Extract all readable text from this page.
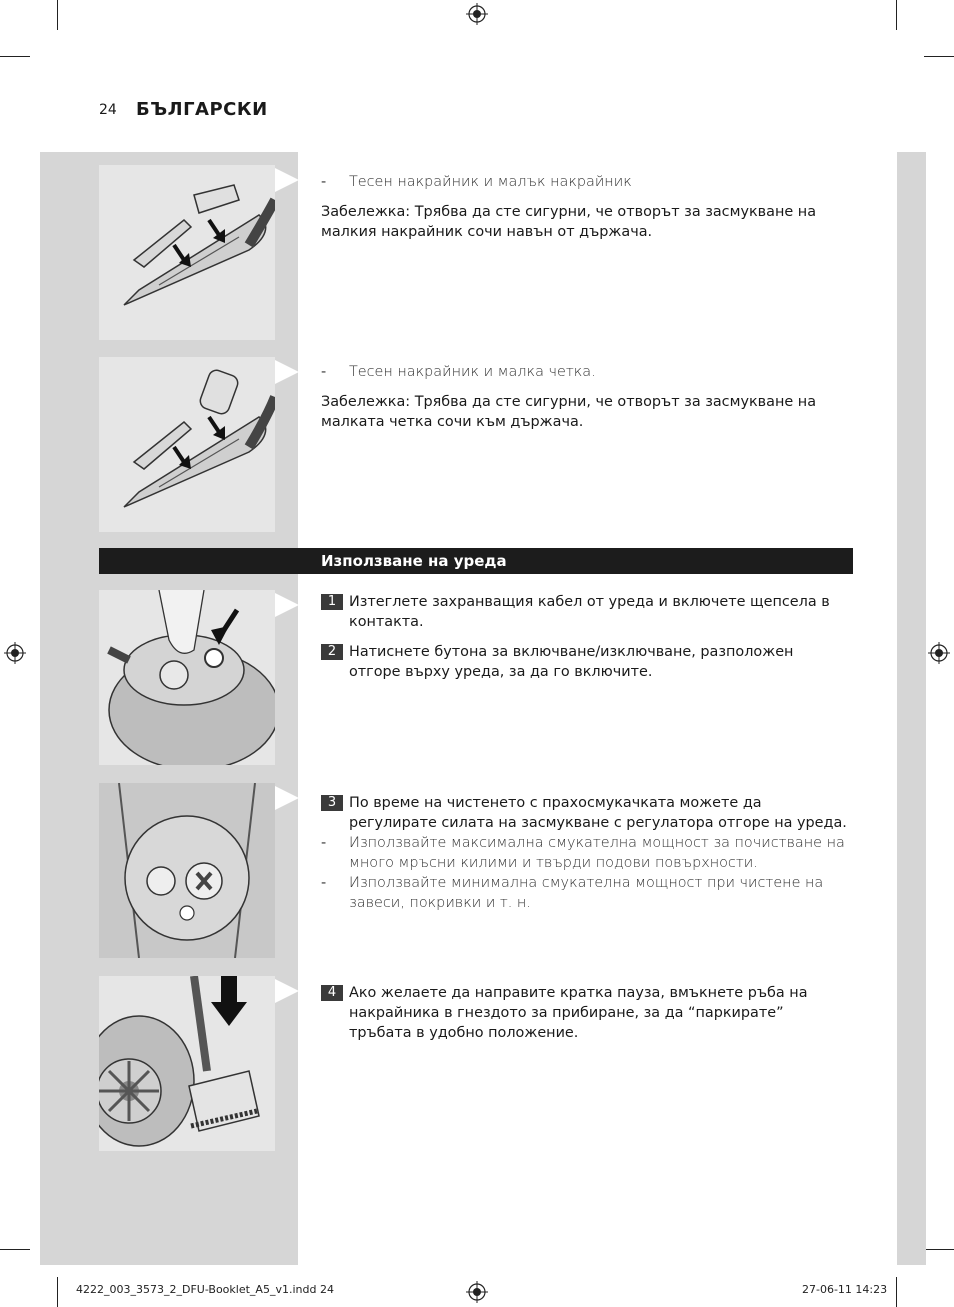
24 БЪЛГАРСКИ
- Тесен накрайник и малък накрайник
Забележка: Трябва да сте сигурни, че отворът за засмукване на малкия накрайник сочи навън от държача.
- Тесен накрайник и малка четка.
Забележка: Трябва да сте сигурни, че отворът за засмукване на малката четка сочи към държача.
Използване на уреда
1 Изтеглете захранващия кабел от уреда и включете щепсела в контакта.
2 Натиснете бутона за включване/изключване, разположен отгоре върху уреда, за да го включите.
3 По време на чистенето с прахосмукачката можете да регулирате силата на засмукване с регулатора отгоре на уреда.
- Използвайте максимална смукателна мощност за почистване на много мръсни килими и твърди подови повърхности.
- Използвайте минимална смукателна мощност при чистене на завеси, покривки и т. н.
4 Ако желаете да направите кратка пауза, вмъкнете ръба на накрайника в гнездото за прибиране, за да “паркирате” тръбата в удобно положение.
4222_003_3573_2_DFU-Booklet_A5_v1.indd 24	27-06-11 14:23
